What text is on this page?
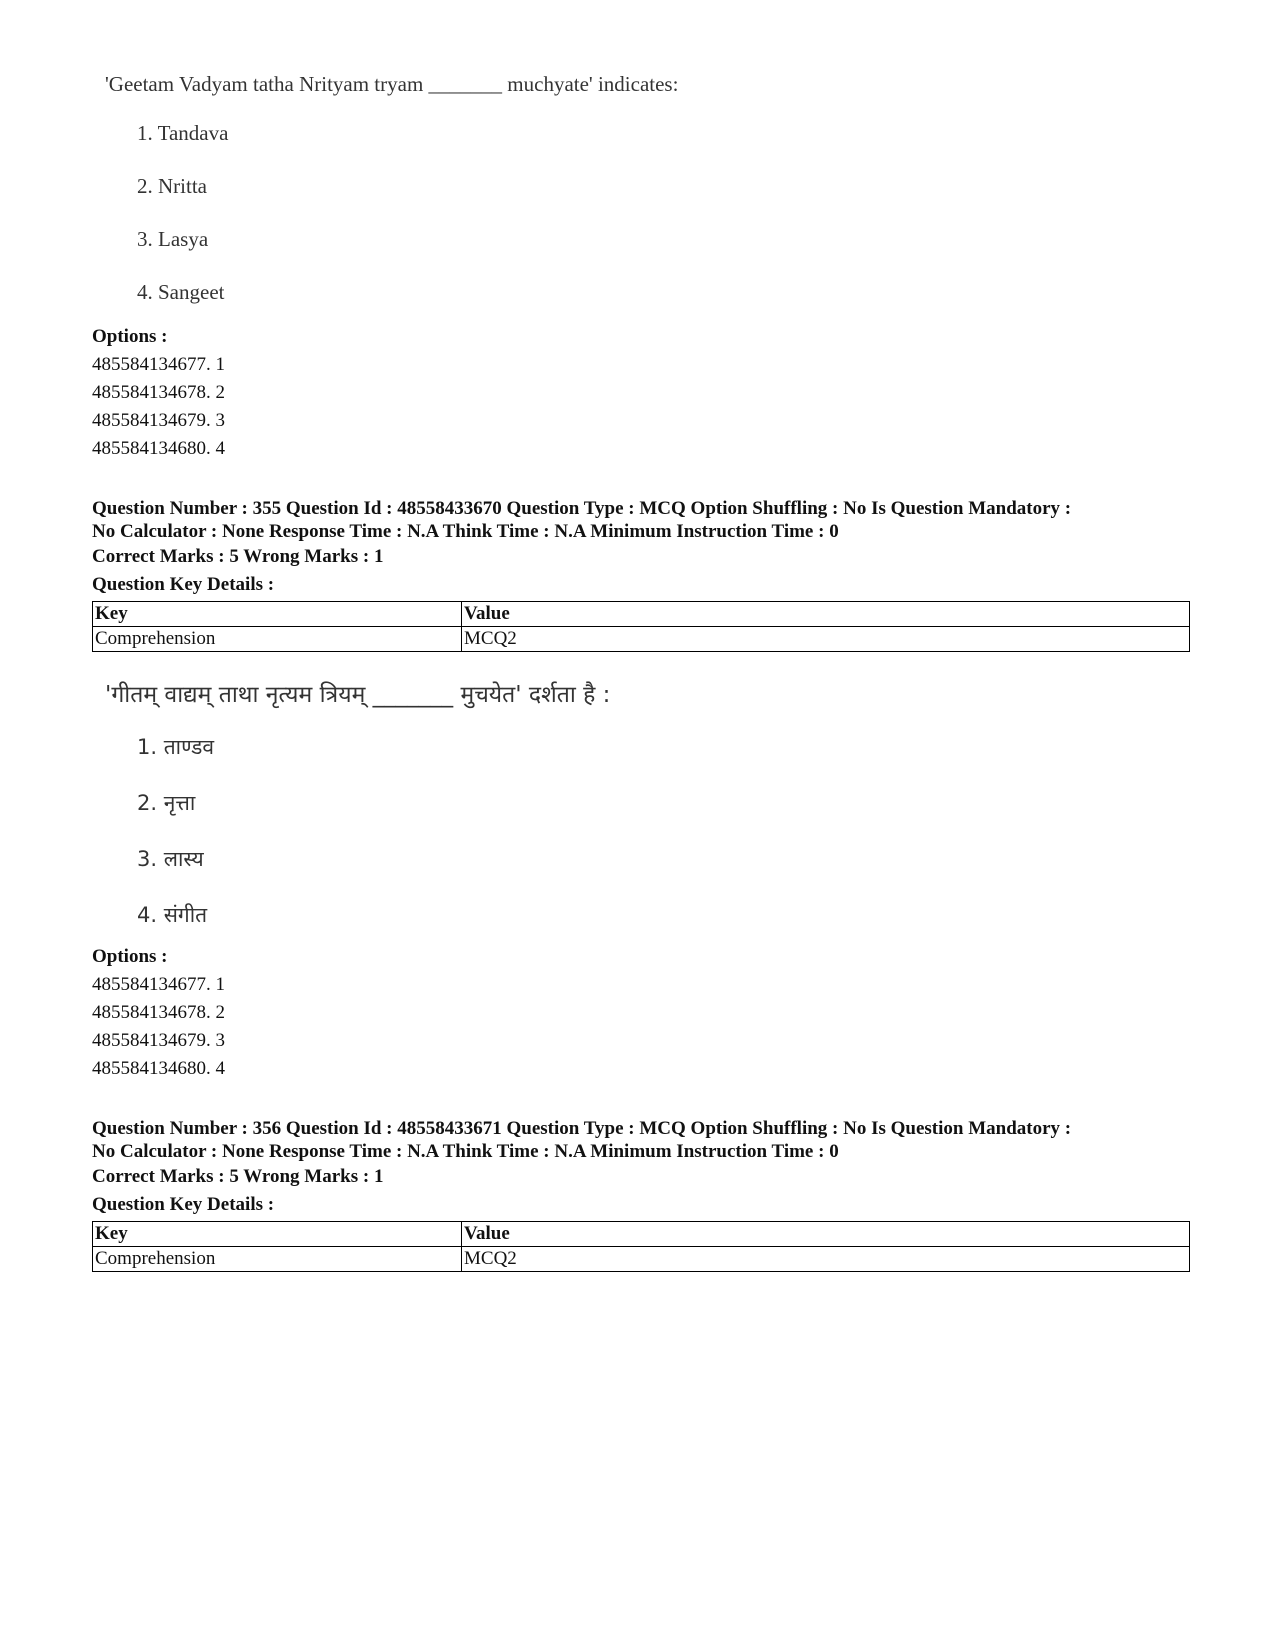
'Geetam Vadyam tatha Nrityam tryam _______ muchyate' indicates:
1. Tandava
2. Nritta
3. Lasya
4. Sangeet
Options :
485584134677. 1
485584134678. 2
485584134679. 3
485584134680. 4

Question Number : 355 Question Id : 48558433670 Question Type : MCQ Option Shuffling : No Is Question Mandatory :

No Calculator : None Response Time : N.A Think Time : N.A Minimum Instruction Time : 0

Correct Marks : 5 Wrong Marks : 1

Question Key Details :

Key	Value
Comprehension	MCQ2
'गीतम् वाद्यम् ताथा नृत्यम त्रियम् _______ मुचयेत' दर्शता है :
1. ताण्डव
2. नृत्ता
3. लास्य
4. संगीत
Options :
485584134677. 1
485584134678. 2
485584134679. 3
485584134680. 4

Question Number : 356 Question Id : 48558433671 Question Type : MCQ Option Shuffling : No Is Question Mandatory :

No Calculator : None Response Time : N.A Think Time : N.A Minimum Instruction Time : 0

Correct Marks : 5 Wrong Marks : 1

Question Key Details :

Key	Value
Comprehension	MCQ2
